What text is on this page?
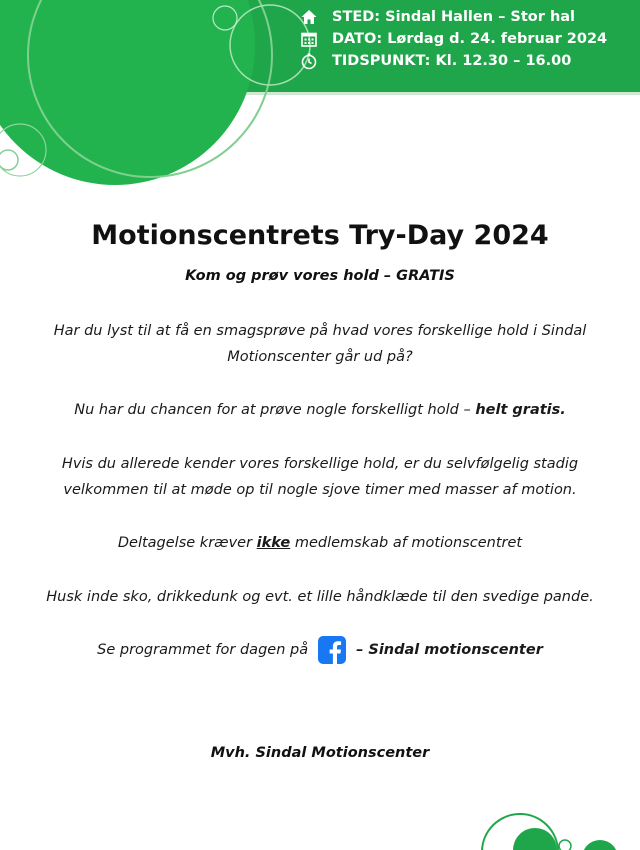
STED: Sindal Hallen – Stor hal
DATO: Lørdag d. 24. februar 2024
TIDSPUNKT: Kl. 12.30 – 16.00
Motionscentrets Try-Day 2024
Kom og prøv vores hold – GRATIS
Har du lyst til at få en smagsprøve på hvad vores forskellige hold i Sindal
Motionscenter går ud på?
Nu har du chancen for at prøve nogle forskelligt hold – helt gratis.
Hvis du allerede kender vores forskellige hold, er du selvfølgelig stadig
velkommen til at møde op til nogle sjove timer med masser af motion.
Deltagelse kræver ikke medlemskab af motionscentret
Husk inde sko, drikkedunk og evt. et lille håndklæde til den svedige pande.
Se programmet for dagen på	– Sindal motionscenter
Mvh. Sindal Motionscenter
